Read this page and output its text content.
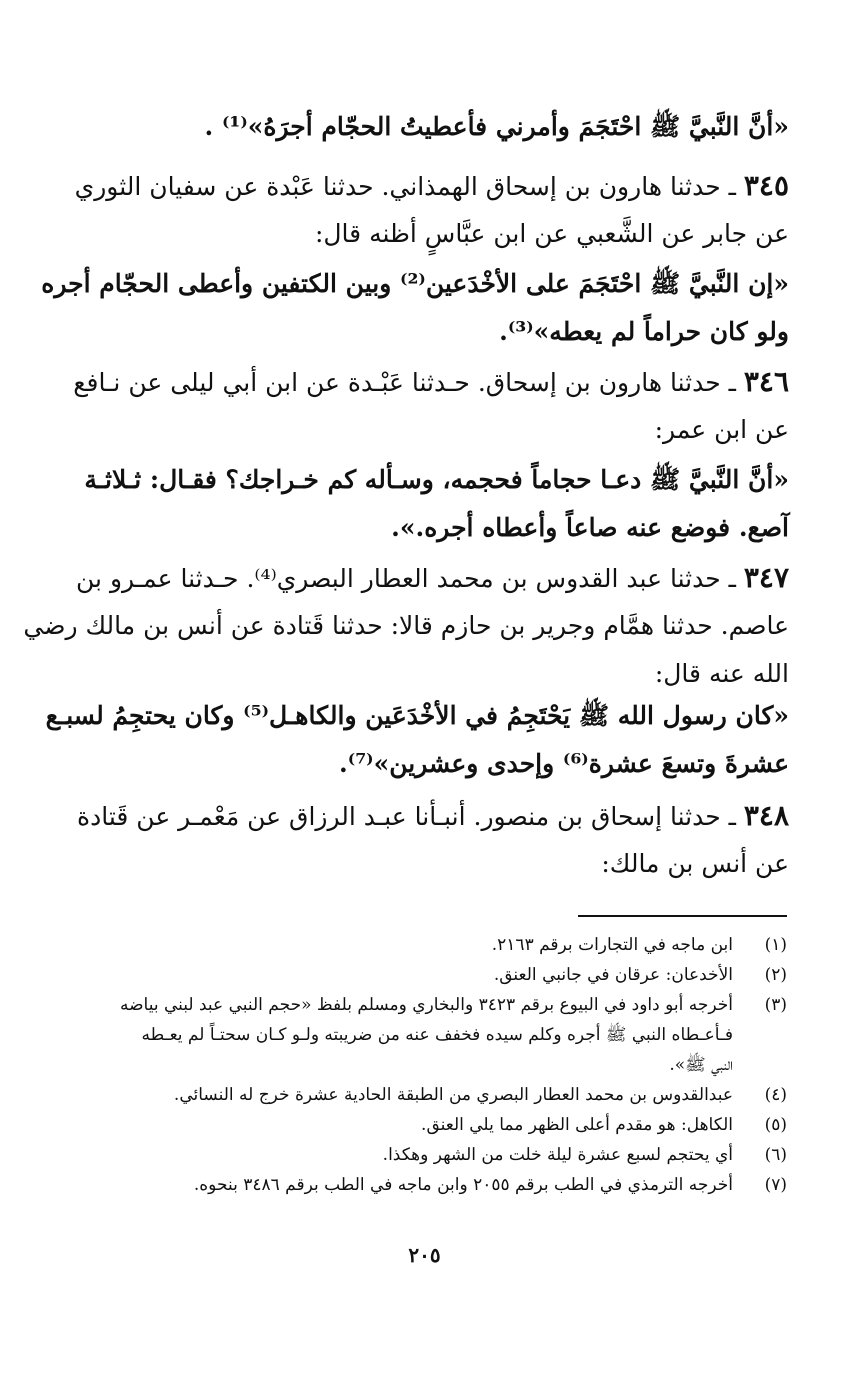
«أنَّ النَّبيَّ ﷺ احْتَجَمَ وأمرني فأعطيتُ الحجّام أجرَهُ»⁽¹⁾ .
٣٤٥ ـ حدثنا هارون بن إسحاق الهمذاني. حدثنا عَبْدة عن سفيان الثوري
عن جابر عن الشَّعبي عن ابن عبَّاسٍ أظنه قال:
«إن النَّبيَّ ﷺ احْتَجَمَ على الأخْدَعين⁽²⁾ وبين الكتفين وأعطى الحجّام أجره
ولو كان حراماً لم يعطه»⁽³⁾.
٣٤٦ ـ حدثنا هارون بن إسحاق. حـدثنا عَبْـدة عن ابن أبي ليلى عن نـافع
عن ابن عمر:
«أنَّ النَّبيَّ ﷺ دعـا حجاماً فحجمه، وسـأله كم خـراجك؟ فقـال: ثـلاثـة
آصع. فوضع عنه صاعاً وأعطاه أجره.».
٣٤٧ ـ حدثنا عبد القدوس بن محمد العطار البصري⁽⁴⁾. حـدثنا عمـرو بن
عاصم. حدثنا همَّام وجرير بن حازم قالا: حدثنا قَتادة عن أنس بن مالك رضي
الله عنه قال:
«كان رسول الله ﷺ يَحْتَجِمُ في الأخْدَعَين والكاهـل⁽⁵⁾ وكان يحتجِمُ لسبـع
عشرةَ وتسعَ عشرة⁽⁶⁾ وإحدى وعشرين»⁽⁷⁾.
٣٤٨ ـ حدثنا إسحاق بن منصور. أنبـأنا عبـد الرزاق عن مَعْمـر عن قَتادة
عن أنس بن مالك:
(١)
ابن ماجه في التجارات برقم ٢١٦٣.
(٢)
الأخدعان: عرقان في جانبي العنق.
(٣)
أخرجه أبو داود في البيوع برقم ٣٤٢٣ والبخاري ومسلم بلفظ «حجم النبي عبد لبني بياضه
فـأعـطاه النبي ﷺ أجره وكلم سيده فخفف عنه من ضريبته ولـو كـان سحتـاً لم يعـطه
النبي ﷺ».
(٤)
عبدالقدوس بن محمد العطار البصري من الطبقة الحادية عشرة خرج له النسائي.
(٥)
الكاهل: هو مقدم أعلى الظهر مما يلي العنق.
(٦)
أي يحتجم لسبع عشرة ليلة خلت من الشهر وهكذا.
(٧)
أخرجه الترمذي في الطب برقم ٢٠٥٥ وابن ماجه في الطب برقم ٣٤٨٦ بنحوه.
٢٠٥
